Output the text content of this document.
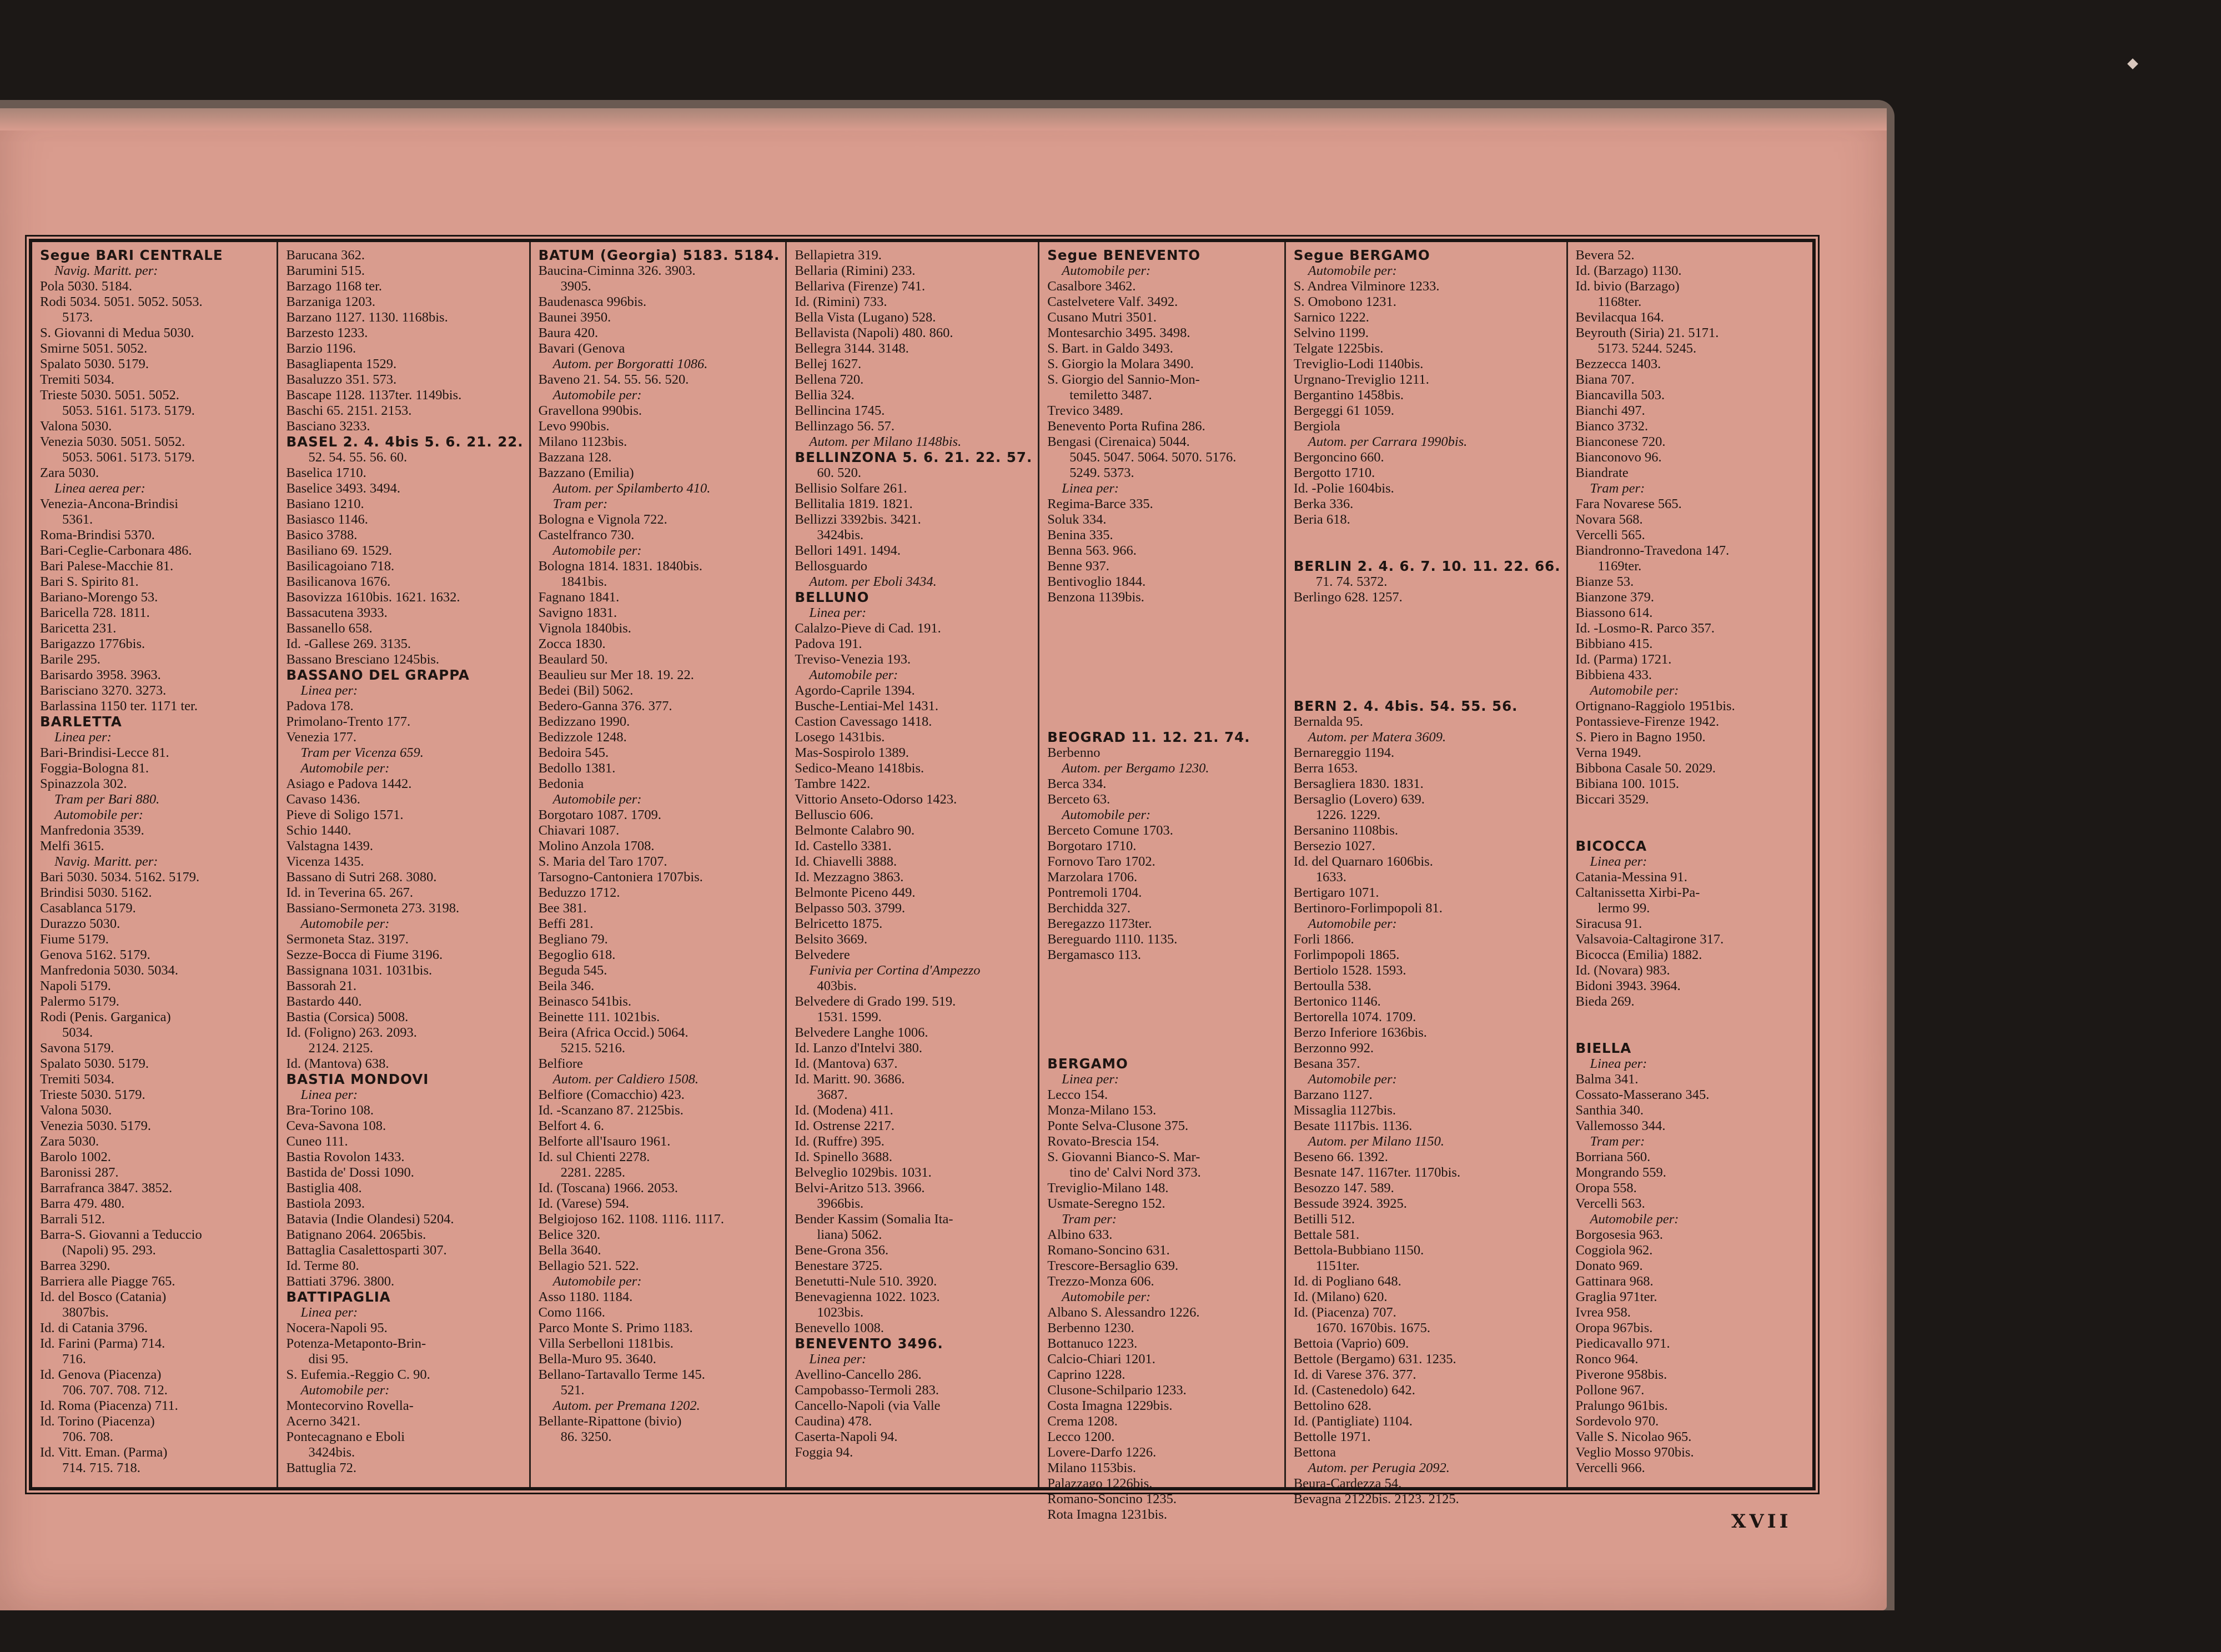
Segue BARI CENTRALE

Navig. Maritt. per:

Pola 5030. 5184.

Rodi 5034. 5051. 5052. 5053.

5173.

S. Giovanni di Medua 5030.

Smirne 5051. 5052.

Spalato 5030. 5179.

Tremiti 5034.

Trieste 5030. 5051. 5052.

5053. 5161. 5173. 5179.

Valona 5030.

Venezia 5030. 5051. 5052.

5053. 5061. 5173. 5179.

Zara 5030.

Linea aerea per:

Venezia-Ancona-Brindisi

5361.

Roma-Brindisi 5370.

Bari-Ceglie-Carbonara 486.

Bari Palese-Macchie 81.

Bari S. Spirito 81.

Bariano-Morengo 53.

Baricella 728. 1811.

Baricetta 231.

Barigazzo 1776bis.

Barile 295.

Barisardo 3958. 3963.

Barisciano 3270. 3273.

Barlassina 1150 ter. 1171 ter.

BARLETTA

Linea per:

Bari-Brindisi-Lecce 81.

Foggia-Bologna 81.

Spinazzola 302.

Tram per Bari 880.

Automobile per:

Manfredonia 3539.

Melfi 3615.

Navig. Maritt. per:

Bari 5030. 5034. 5162. 5179.

Brindisi 5030. 5162.

Casablanca 5179.

Durazzo 5030.

Fiume 5179.

Genova 5162. 5179.

Manfredonia 5030. 5034.

Napoli 5179.

Palermo 5179.

Rodi (Penis. Garganica)

5034.

Savona 5179.

Spalato 5030. 5179.

Tremiti 5034.

Trieste 5030. 5179.

Valona 5030.

Venezia 5030. 5179.

Zara 5030.

Barolo 1002.

Baronissi 287.

Barrafranca 3847. 3852.

Barra 479. 480.

Barrali 512.

Barra-S. Giovanni a Teduccio

(Napoli) 95. 293.

Barrea 3290.

Barriera alle Piagge 765.

Id. del Bosco (Catania)

3807bis.

Id. di Catania 3796.

Id. Farini (Parma) 714.

716.

Id. Genova (Piacenza)

706. 707. 708. 712.

Id. Roma (Piacenza) 711.

Id. Torino (Piacenza)

706. 708.

Id. Vitt. Eman. (Parma)

714. 715. 718.

Barucana 362.

Barumini 515.

Barzago 1168 ter.

Barzaniga 1203.

Barzano 1127. 1130. 1168bis.

Barzesto 1233.

Barzio 1196.

Basagliapenta 1529.

Basaluzzo 351. 573.

Bascape 1128. 1137ter. 1149bis.

Baschi 65. 2151. 2153.

Basciano 3233.

BASEL 2. 4. 4bis 5. 6. 21. 22.

52. 54. 55. 56. 60.

Baselica 1710.

Baselice 3493. 3494.

Basiano 1210.

Basiasco 1146.

Basico 3788.

Basiliano 69. 1529.

Basilicagoiano 718.

Basilicanova 1676.

Basovizza 1610bis. 1621. 1632.

Bassacutena 3933.

Bassanello 658.

Id. -Gallese 269. 3135.

Bassano Bresciano 1245bis.

BASSANO DEL GRAPPA

Linea per:

Padova 178.

Primolano-Trento 177.

Venezia 177.

Tram per Vicenza 659.

Automobile per:

Asiago e Padova 1442.

Cavaso 1436.

Pieve di Soligo 1571.

Schio 1440.

Valstagna 1439.

Vicenza 1435.

Bassano di Sutri 268. 3080.

Id. in Teverina 65. 267.

Bassiano-Sermoneta 273. 3198.

Automobile per:

Sermoneta Staz. 3197.

Sezze-Bocca di Fiume 3196.

Bassignana 1031. 1031bis.

Bassorah 21.

Bastardo 440.

Bastia (Corsica) 5008.

Id. (Foligno) 263. 2093.

2124. 2125.

Id. (Mantova) 638.

BASTIA MONDOVI

Linea per:

Bra-Torino 108.

Ceva-Savona 108.

Cuneo 111.

Bastia Rovolon 1433.

Bastida de' Dossi 1090.

Bastiglia 408.

Bastiola 2093.

Batavia (Indie Olandesi) 5204.

Batignano 2064. 2065bis.

Battaglia Casalettosparti 307.

Id. Terme 80.

Battiati 3796. 3800.

BATTIPAGLIA

Linea per:

Nocera-Napoli 95.

Potenza-Metaponto-Brin-

disi 95.

S. Eufemia.-Reggio C. 90.

Automobile per:

Montecorvino Rovella-

Acerno 3421.

Pontecagnano e Eboli

3424bis.

Battuglia 72.

BATUM (Georgia) 5183. 5184.

Baucina-Ciminna 326. 3903.

3905.

Baudenasca 996bis.

Baunei 3950.

Baura 420.

Bavari (Genova

Autom. per Borgoratti 1086.

Baveno 21. 54. 55. 56. 520.

Automobile per:

Gravellona 990bis.

Levo 990bis.

Milano 1123bis.

Bazzana 128.

Bazzano (Emilia)

Autom. per Spilamberto 410.

Tram per:

Bologna e Vignola 722.

Castelfranco 730.

Automobile per:

Bologna 1814. 1831. 1840bis.

1841bis.

Fagnano 1841.

Savigno 1831.

Vignola 1840bis.

Zocca 1830.

Beaulard 50.

Beaulieu sur Mer 18. 19. 22.

Bedei (Bil) 5062.

Bedero-Ganna 376. 377.

Bedizzano 1990.

Bedizzole 1248.

Bedoira 545.

Bedollo 1381.

Bedonia

Automobile per:

Borgotaro 1087. 1709.

Chiavari 1087.

Molino Anzola 1708.

S. Maria del Taro 1707.

Tarsogno-Cantoniera 1707bis.

Beduzzo 1712.

Bee 381.

Beffi 281.

Begliano 79.

Begoglio 618.

Beguda 545.

Beila 346.

Beinasco 541bis.

Beinette 111. 1021bis.

Beira (Africa Occid.) 5064.

5215. 5216.

Belfiore

Autom. per Caldiero 1508.

Belfiore (Comacchio) 423.

Id. -Scanzano 87. 2125bis.

Belfort 4. 6.

Belforte all'Isauro 1961.

Id. sul Chienti 2278.

2281. 2285.

Id. (Toscana) 1966. 2053.

Id. (Varese) 594.

Belgiojoso 162. 1108. 1116. 1117.

Belice 320.

Bella 3640.

Bellagio 521. 522.

Automobile per:

Asso 1180. 1184.

Como 1166.

Parco Monte S. Primo 1183.

Villa Serbelloni 1181bis.

Bella-Muro 95. 3640.

Bellano-Tartavallo Terme 145.

521.

Autom. per Premana 1202.

Bellante-Ripattone (bivio)

86. 3250.

Bellapietra 319.

Bellaria (Rimini) 233.

Bellariva (Firenze) 741.

Id. (Rimini) 733.

Bella Vista (Lugano) 528.

Bellavista (Napoli) 480. 860.

Bellegra 3144. 3148.

Bellej 1627.

Bellena 720.

Bellia 324.

Bellincina 1745.

Bellinzago 56. 57.

Autom. per Milano 1148bis.

BELLINZONA 5. 6. 21. 22. 57.

60. 520.

Bellisio Solfare 261.

Bellitalia 1819. 1821.

Bellizzi 3392bis. 3421.

3424bis.

Bellori 1491. 1494.

Bellosguardo

Autom. per Eboli 3434.

BELLUNO

Linea per:

Calalzo-Pieve di Cad. 191.

Padova 191.

Treviso-Venezia 193.

Automobile per:

Agordo-Caprile 1394.

Busche-Lentiai-Mel 1431.

Castion Cavessago 1418.

Losego 1431bis.

Mas-Sospirolo 1389.

Sedico-Meano 1418bis.

Tambre 1422.

Vittorio Anseto-Odorso 1423.

Belluscio 606.

Belmonte Calabro 90.

Id. Castello 3381.

Id. Chiavelli 3888.

Id. Mezzagno 3863.

Belmonte Piceno 449.

Belpasso 503. 3799.

Belricetto 1875.

Belsito 3669.

Belvedere

Funivia per Cortina d'Ampezzo

403bis.

Belvedere di Grado 199. 519.

1531. 1599.

Belvedere Langhe 1006.

Id. Lanzo d'Intelvi 380.

Id. (Mantova) 637.

Id. Maritt. 90. 3686.

3687.

Id. (Modena) 411.

Id. Ostrense 2217.

Id. (Ruffre) 395.

Id. Spinello 3688.

Belveglio 1029bis. 1031.

Belvi-Aritzo 513. 3966.

3966bis.

Bender Kassim (Somalia Ita-

liana) 5062.

Bene-Grona 356.

Benestare 3725.

Benetutti-Nule 510. 3920.

Benevagienna 1022. 1023.

1023bis.

Benevello 1008.

BENEVENTO 3496.

Linea per:

Avellino-Cancello 286.

Campobasso-Termoli 283.

Cancello-Napoli (via Valle

Caudina) 478.

Caserta-Napoli 94.

Foggia 94.

Segue BENEVENTO

Automobile per:

Casalbore 3462.

Castelvetere Valf. 3492.

Cusano Mutri 3501.

Montesarchio 3495. 3498.

S. Bart. in Galdo 3493.

S. Giorgio la Molara 3490.

S. Giorgio del Sannio-Mon-

temiletto 3487.

Trevico 3489.

Benevento Porta Rufina 286.

Bengasi (Cirenaica) 5044.

5045. 5047. 5064. 5070. 5176.

5249. 5373.

Linea per:

Regima-Barce 335.

Soluk 334.

Benina 335.

Benna 563. 966.

Benne 937.

Bentivoglio 1844.

Benzona 1139bis.

BEOGRAD 11. 12. 21. 74.

Berbenno

Autom. per Bergamo 1230.

Berca 334.

Berceto 63.

Automobile per:

Berceto Comune 1703.

Borgotaro 1710.

Fornovo Taro 1702.

Marzolara 1706.

Pontremoli 1704.

Berchidda 327.

Beregazzo 1173ter.

Bereguardo 1110. 1135.

Bergamasco 113.

BERGAMO

Linea per:

Lecco 154.

Monza-Milano 153.

Ponte Selva-Clusone 375.

Rovato-Brescia 154.

S. Giovanni Bianco-S. Mar-

tino de' Calvi Nord 373.

Treviglio-Milano 148.

Usmate-Seregno 152.

Tram per:

Albino 633.

Romano-Soncino 631.

Trescore-Bersaglio 639.

Trezzo-Monza 606.

Automobile per:

Albano S. Alessandro 1226.

Berbenno 1230.

Bottanuco 1223.

Calcio-Chiari 1201.

Caprino 1228.

Clusone-Schilpario 1233.

Costa Imagna 1229bis.

Crema 1208.

Lecco 1200.

Lovere-Darfo 1226.

Milano 1153bis.

Palazzago 1226bis.

Romano-Soncino 1235.

Rota Imagna 1231bis.

Segue BERGAMO

Automobile per:

S. Andrea Vilminore 1233.

S. Omobono 1231.

Sarnico 1222.

Selvino 1199.

Telgate 1225bis.

Treviglio-Lodi 1140bis.

Urgnano-Treviglio 1211.

Bergantino 1458bis.

Bergeggi 61 1059.

Bergiola

Autom. per Carrara 1990bis.

Bergoncino 660.

Bergotto 1710.

Id. -Polie 1604bis.

Berka 336.

Beria 618.

BERLIN 2. 4. 6. 7. 10. 11. 22. 66.

71. 74. 5372.

Berlingo 628. 1257.

BERN 2. 4. 4bis. 54. 55. 56.

Bernalda 95.

Autom. per Matera 3609.

Bernareggio 1194.

Berra 1653.

Bersagliera 1830. 1831.

Bersaglio (Lovero) 639.

1226. 1229.

Bersanino 1108bis.

Bersezio 1027.

Id. del Quarnaro 1606bis.

1633.

Bertigaro 1071.

Bertinoro-Forlimpopoli 81.

Automobile per:

Forli 1866.

Forlimpopoli 1865.

Bertiolo 1528. 1593.

Bertoulla 538.

Bertonico 1146.

Bertorella 1074. 1709.

Berzo Inferiore 1636bis.

Berzonno 992.

Besana 357.

Automobile per:

Barzano 1127.

Missaglia 1127bis.

Besate 1117bis. 1136.

Autom. per Milano 1150.

Beseno 66. 1392.

Besnate 147. 1167ter. 1170bis.

Besozzo 147. 589.

Bessude 3924. 3925.

Betilli 512.

Bettale 581.

Bettola-Bubbiano 1150.

1151ter.

Id. di Pogliano 648.

Id. (Milano) 620.

Id. (Piacenza) 707.

1670. 1670bis. 1675.

Bettoia (Vaprio) 609.

Bettole (Bergamo) 631. 1235.

Id. di Varese 376. 377.

Id. (Castenedolo) 642.

Bettolino 628.

Id. (Pantigliate) 1104.

Bettolle 1971.

Bettona

Autom. per Perugia 2092.

Beura-Cardezza 54.

Bevagna 2122bis. 2123. 2125.

Bevera 52.

Id. (Barzago) 1130.

Id. bivio (Barzago)

1168ter.

Bevilacqua 164.

Beyrouth (Siria) 21. 5171.

5173. 5244. 5245.

Bezzecca 1403.

Biana 707.

Biancavilla 503.

Bianchi 497.

Bianco 3732.

Bianconese 720.

Bianconovo 96.

Biandrate

Tram per:

Fara Novarese 565.

Novara 568.

Vercelli 565.

Biandronno-Travedona 147.

1169ter.

Bianze 53.

Bianzone 379.

Biassono 614.

Id. -Losmo-R. Parco 357.

Bibbiano 415.

Id. (Parma) 1721.

Bibbiena 433.

Automobile per:

Ortignano-Raggiolo 1951bis.

Pontassieve-Firenze 1942.

S. Piero in Bagno 1950.

Verna 1949.

Bibbona Casale 50. 2029.

Bibiana 100. 1015.

Biccari 3529.

BICOCCA

Linea per:

Catania-Messina 91.

Caltanissetta Xirbi-Pa-

lermo 99.

Siracusa 91.

Valsavoia-Caltagirone 317.

Bicocca (Emilia) 1882.

Id. (Novara) 983.

Bidoni 3943. 3964.

Bieda 269.

BIELLA

Linea per:

Balma 341.

Cossato-Masserano 345.

Santhia 340.

Vallemosso 344.

Tram per:

Borriana 560.

Mongrando 559.

Oropa 558.

Vercelli 563.

Automobile per:

Borgosesia 963.

Coggiola 962.

Donato 969.

Gattinara 968.

Graglia 971ter.

Ivrea 958.

Oropa 967bis.

Piedicavallo 971.

Ronco 964.

Piverone 958bis.

Pollone 967.

Pralungo 961bis.

Sordevolo 970.

Valle S. Nicolao 965.

Veglio Mosso 970bis.

Vercelli 966.

XVII
